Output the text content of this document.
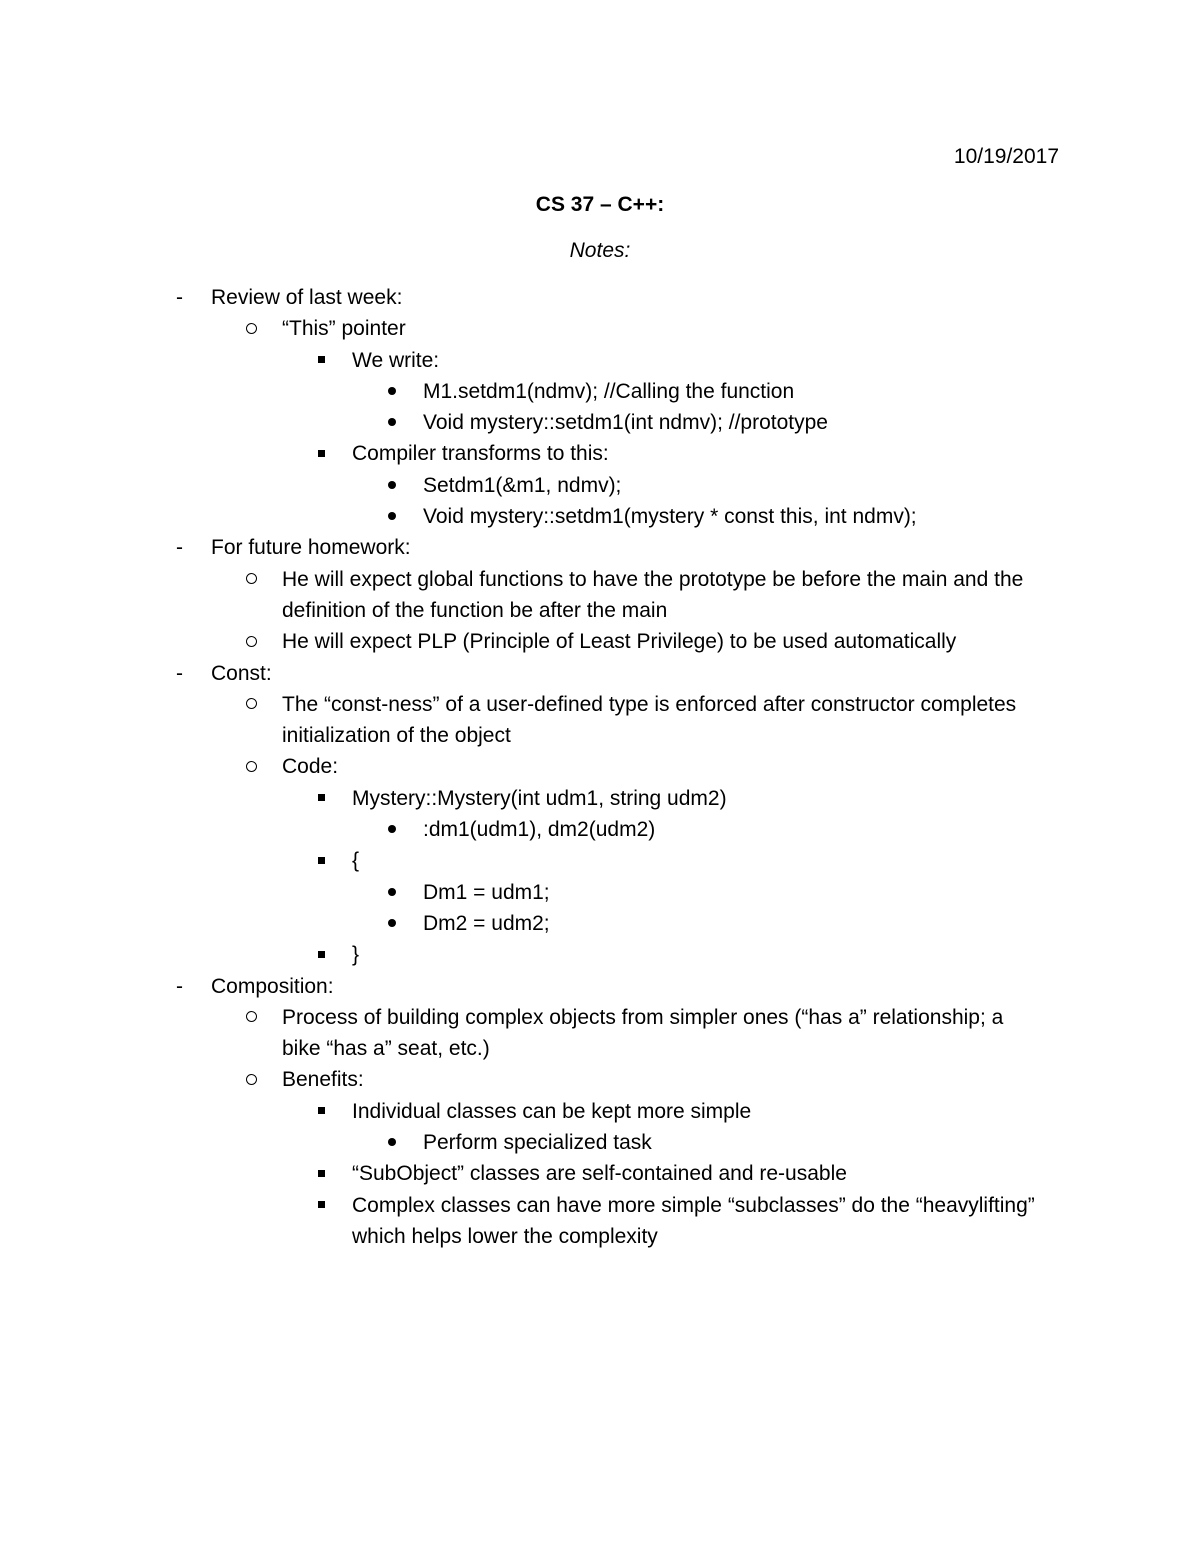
10/19/2017
CS 37 – C++:
Notes:
-
Review of last week:
“This” pointer
We write:
M1.setdm1(ndmv); //Calling the function
Void mystery::setdm1(int ndmv); //prototype
Compiler transforms to this:
Setdm1(&m1, ndmv);
Void mystery::setdm1(mystery * const this, int ndmv);
-
For future homework:
He will expect global functions to have the prototype be before the main and the
definition of the function be after the main
He will expect PLP (Principle of Least Privilege) to be used automatically
-
Const:
The “const-ness” of a user-defined type is enforced after constructor completes
initialization of the object
Code:
Mystery::Mystery(int udm1, string udm2)
:dm1(udm1), dm2(udm2)
{
Dm1 = udm1;
Dm2 = udm2;
}
-
Composition:
Process of building complex objects from simpler ones (“has a” relationship; a
bike “has a” seat, etc.)
Benefits:
Individual classes can be kept more simple
Perform specialized task
“SubObject” classes are self-contained and re-usable
Complex classes can have more simple “subclasses” do the “heavylifting”
which helps lower the complexity
